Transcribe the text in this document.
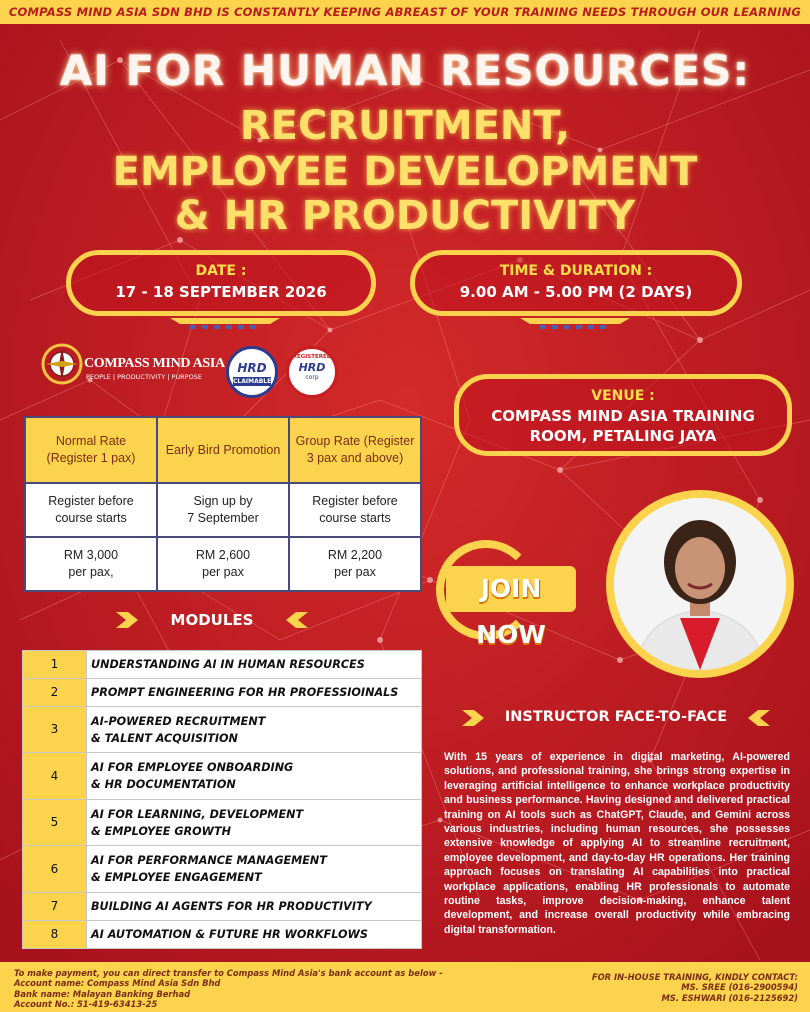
COMPASS MIND ASIA SDN BHD IS CONSTANTLY KEEPING ABREAST OF YOUR TRAINING NEEDS THROUGH OUR LEARNING
AI FOR HUMAN RESOURCES:
RECRUITMENT,
EMPLOYEE DEVELOPMENT
& HR PRODUCTIVITY
DATE :
17 - 18 SEPTEMBER 2026
TIME & DURATION :
9.00 AM - 5.00 PM (2 DAYS)
COMPASS MIND ASIA
PEOPLE | PRODUCTIVITY | PURPOSE
HRD
CLAIMABLE
REGISTERED
HRD
corp
VENUE :
COMPASS MIND ASIA TRAINING
ROOM, PETALING JAYA
Normal Rate
(Register 1 pax)	Early Bird Promotion	Group Rate (Register
3 pax and above)
Register before
course starts	Sign up by
7 September	Register before
course starts
RM 3,000
per pax,	RM 2,600
per pax	RM 2,200
per pax
MODULES
1	UNDERSTANDING AI IN HUMAN RESOURCES
2	PROMPT ENGINEERING FOR HR PROFESSIOINALS
3	AI-POWERED RECRUITMENT
& TALENT ACQUISITION
4	AI FOR EMPLOYEE ONBOARDING
& HR DOCUMENTATION
5	AI FOR LEARNING, DEVELOPMENT
& EMPLOYEE GROWTH
6	AI FOR PERFORMANCE MANAGEMENT
& EMPLOYEE ENGAGEMENT
7	BUILDING AI AGENTS FOR HR PRODUCTIVITY
8	AI AUTOMATION & FUTURE HR WORKFLOWS
JOIN NOW
INSTRUCTOR FACE-TO-FACE
With 15 years of experience in digital marketing, AI-powered solutions, and professional training, she brings strong expertise in leveraging artificial intelligence to enhance workplace productivity and business performance. Having designed and delivered practical training on AI tools such as ChatGPT, Claude, and Gemini across various industries, including human resources, she possesses extensive knowledge of applying AI to streamline recruitment, employee development, and day-to-day HR operations. Her training approach focuses on translating AI capabilities into practical workplace applications, enabling HR professionals to automate routine tasks, improve decision-making, enhance talent development, and increase overall productivity while embracing digital transformation.
To make payment, you can direct transfer to Compass Mind Asia's bank account as below -
Account name: Compass Mind Asia Sdn Bhd
Bank name: Malayan Banking Berhad
Account No.: 51-419-63413-25
FOR IN-HOUSE TRAINING, KINDLY CONTACT:
MS. SREE (016-2900594)
MS. ESHWARI (016-2125692)
